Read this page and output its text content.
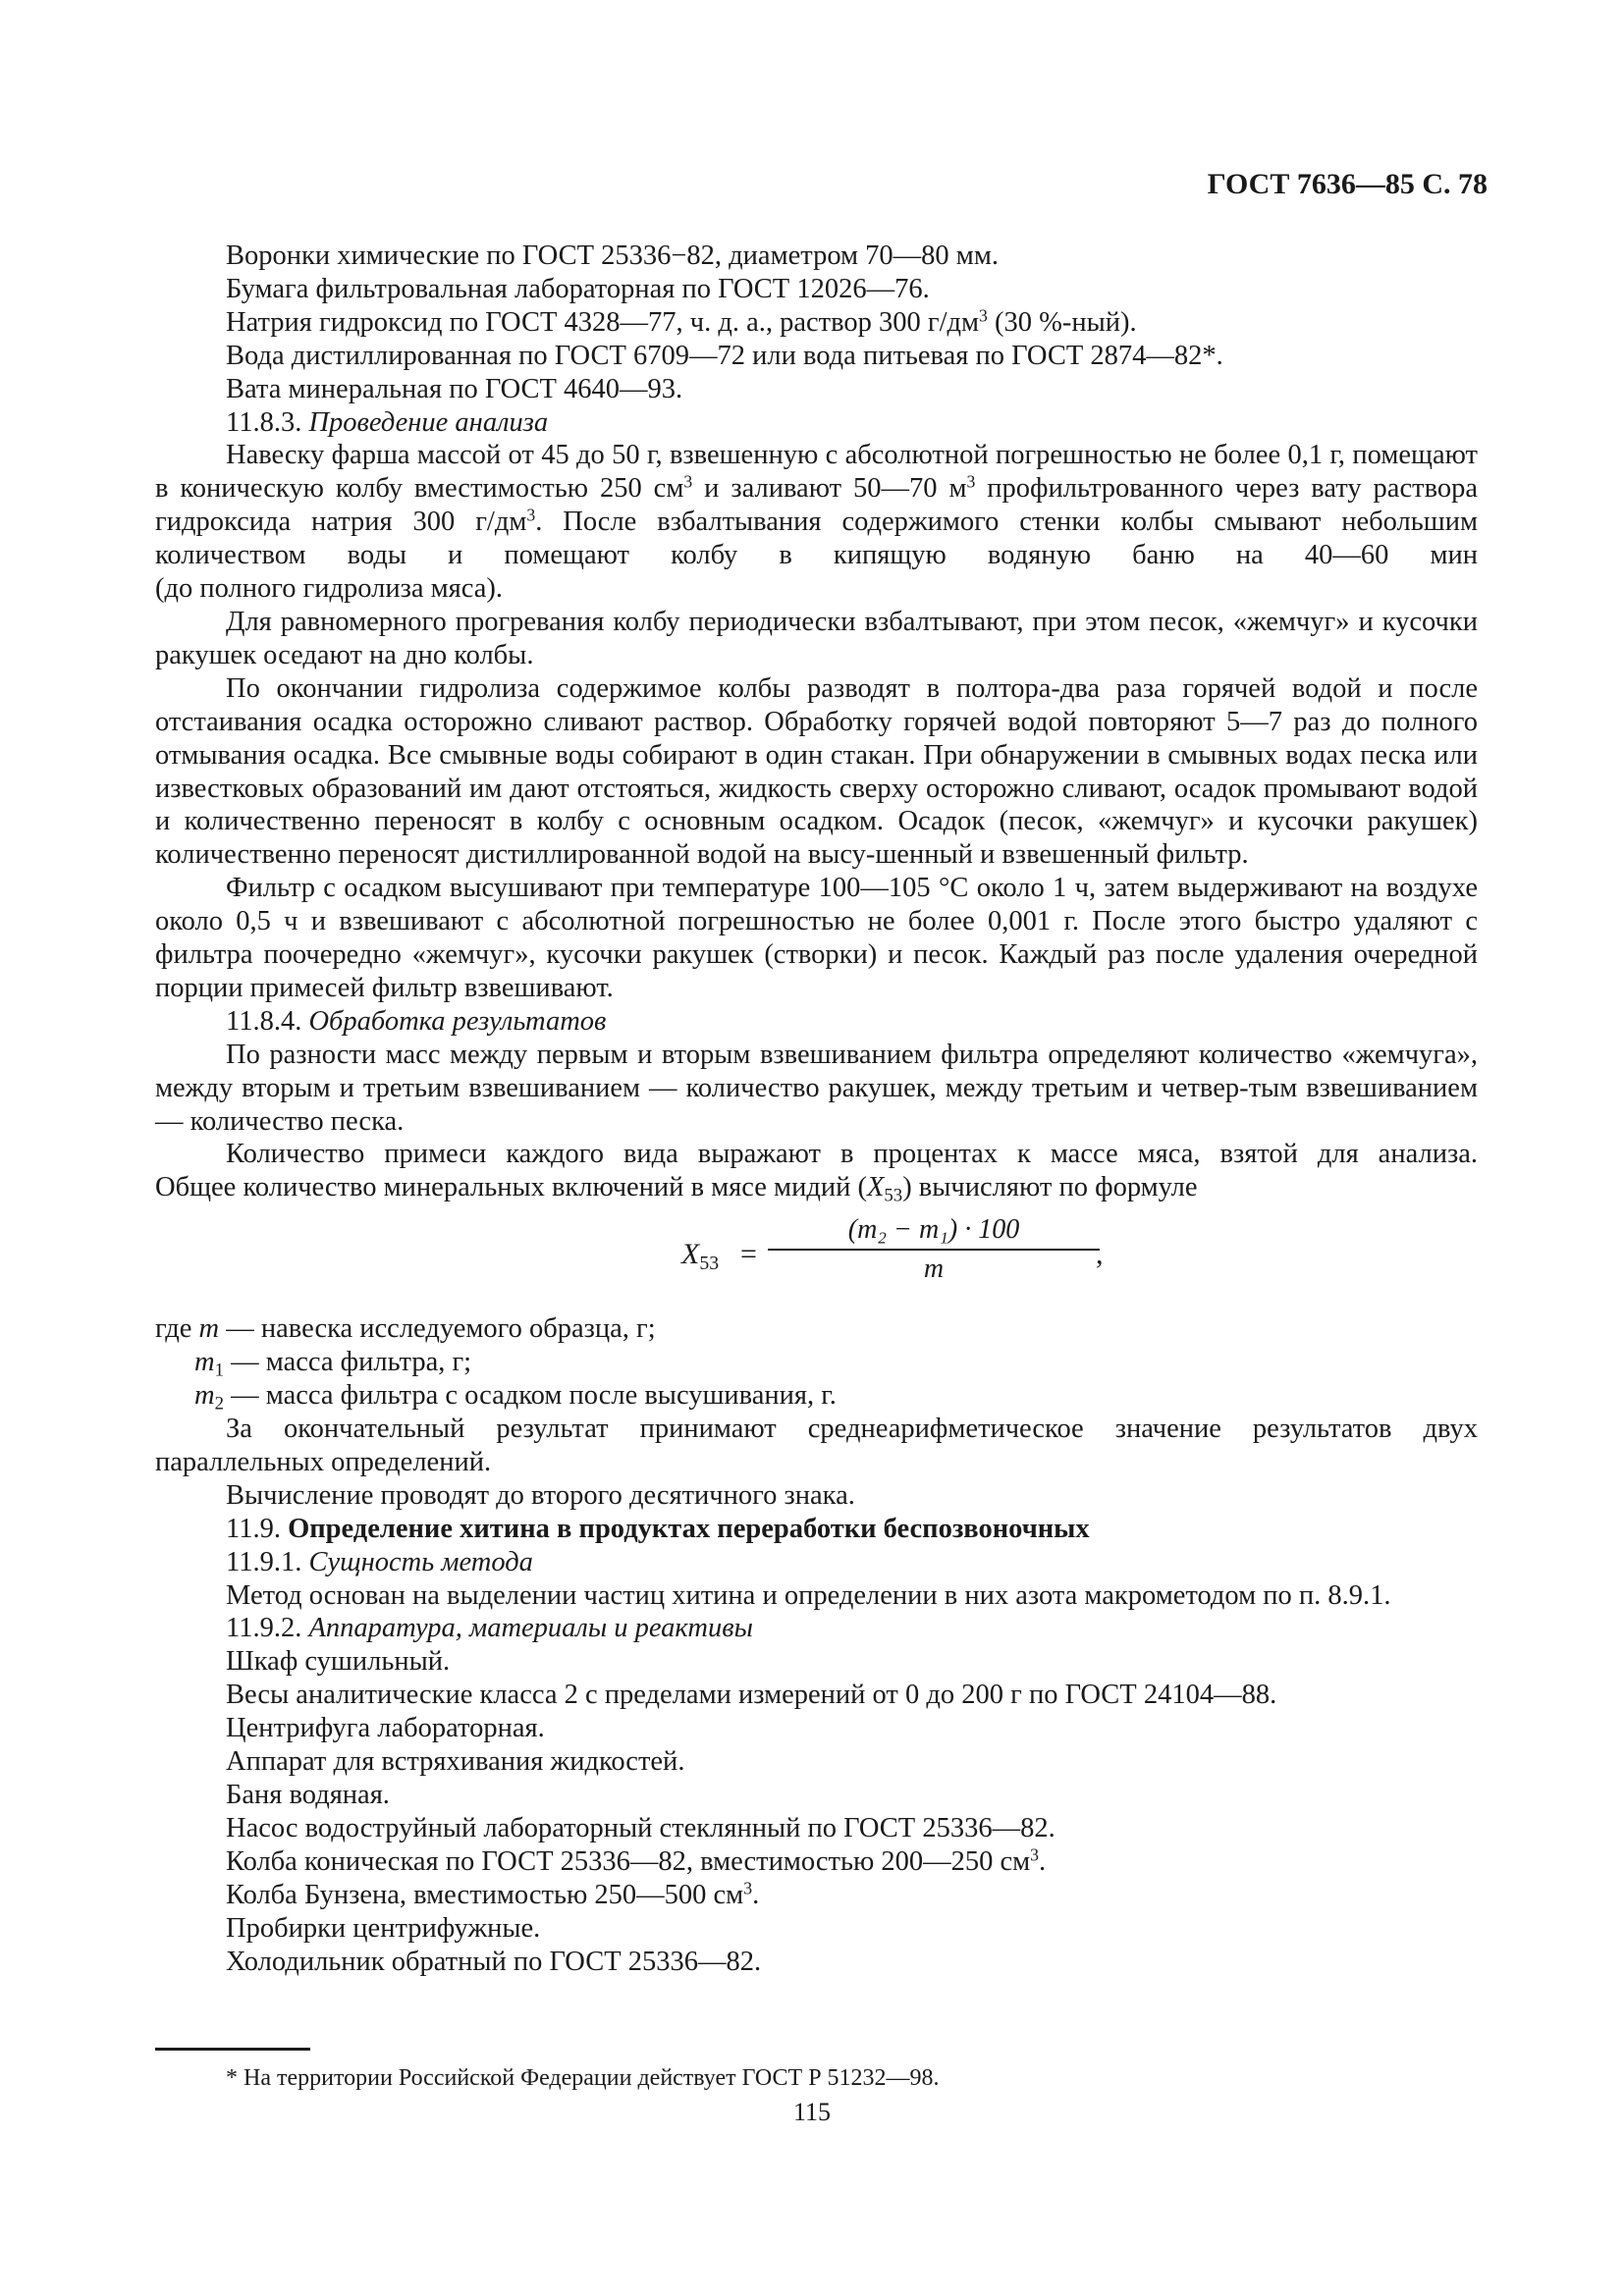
ГОСТ 7636—85 С. 78

Воронки химические по ГОСТ 25336−82, диаметром 70—80 мм.

Бумага фильтровальная лабораторная по ГОСТ 12026—76.

Натрия гидроксид по ГОСТ 4328—77, ч. д. а., раствор 300 $г/дм^3$ (30 %-ный).

Вода дистиллированная по ГОСТ 6709—72 или вода питьевая по ГОСТ 2874—82*.

Вата минеральная по ГОСТ 4640—93.

11.8.3. Проведение анализа

Навеску фарша массой от 45 до 50 г, взвешенную с абсолютной погрешностью не более 0,1 г, помещают в коническую колбу вместимостью 250 $см^3$ и заливают 50—70 $м^3$ профильтрованного через вату раствора гидроксида натрия 300 $г/дм^3$. После взбалтывания содержимого стенки колбы смывают небольшим количеством воды и помещают колбу в кипящую водяную баню на 40—60 мин

(до полного гидролиза мяса).

Для равномерного прогревания колбу периодически взбалтывают, при этом песок, «жемчуг» и кусочки ракушек оседают на дно колбы.

По окончании гидролиза содержимое колбы разводят в полтора-два раза горячей водой и после отстаивания осадка осторожно сливают раствор. Обработку горячей водой повторяют 5—7 раз до полного отмывания осадка. Все смывные воды собирают в один стакан. При обнаружении в смывных водах песка или известковых образований им дают отстояться, жидкость сверху осторожно сливают, осадок промывают водой и количественно переносят в колбу с основным осадком. Осадок (песок, «жемчуг» и кусочки ракушек) количественно переносят дистиллированной водой на высу-шенный и взвешенный фильтр.

Фильтр с осадком высушивают при температуре 100—105 °С около 1 ч, затем выдерживают на воздухе около 0,5 ч и взвешивают с абсолютной погрешностью не более 0,001 г. После этого быстро удаляют с фильтра поочередно «жемчуг», кусочки ракушек (створки) и песок. Каждый раз после удаления очередной порции примесей фильтр взвешивают.

11.8.4. Обработка результатов

По разности масс между первым и вторым взвешиванием фильтра определяют количество «жемчуга», между вторым и третьим взвешиванием — количество ракушек, между третьим и четвер-тым взвешиванием — количество песка.

Количество примеси каждого вида выражают в процентах к массе мяса, взятой для анализа.

Общее количество минеральных включений в мясе мидий $(X_{53})$ вычисляют по формуле

$X_{53}$ =
(m₂ − m₁) · 100
m	,

где m — навеска исследуемого образца, г;

$m_1$ — масса фильтра, г;

$m_2$ — масса фильтра с осадком после высушивания, г.

За окончательный результат принимают среднеарифметическое значение результатов двух параллельных определений.

Вычисление проводят до второго десятичного знака.

11.9. Определение хитина в продуктах переработки беспозвоночных

11.9.1. Сущность метода

Метод основан на выделении частиц хитина и определении в них азота макрометодом по п. 8.9.1.

11.9.2. Аппаратура, материалы и реактивы

Шкаф сушильный.

Весы аналитические класса 2 с пределами измерений от 0 до 200 г по ГОСТ 24104—88.

Центрифуга лабораторная.

Аппарат для встряхивания жидкостей.

Баня водяная.

Насос водоструйный лабораторный стеклянный по ГОСТ 25336—82.

Колба коническая по ГОСТ 25336—82, вместимостью 200—250 $см^3$.

Колба Бунзена, вместимостью 250—500 $см^3$.

Пробирки центрифужные.

Холодильник обратный по ГОСТ 25336—82.

* На территории Российской Федерации действует ГОСТ Р 51232—98.
115
